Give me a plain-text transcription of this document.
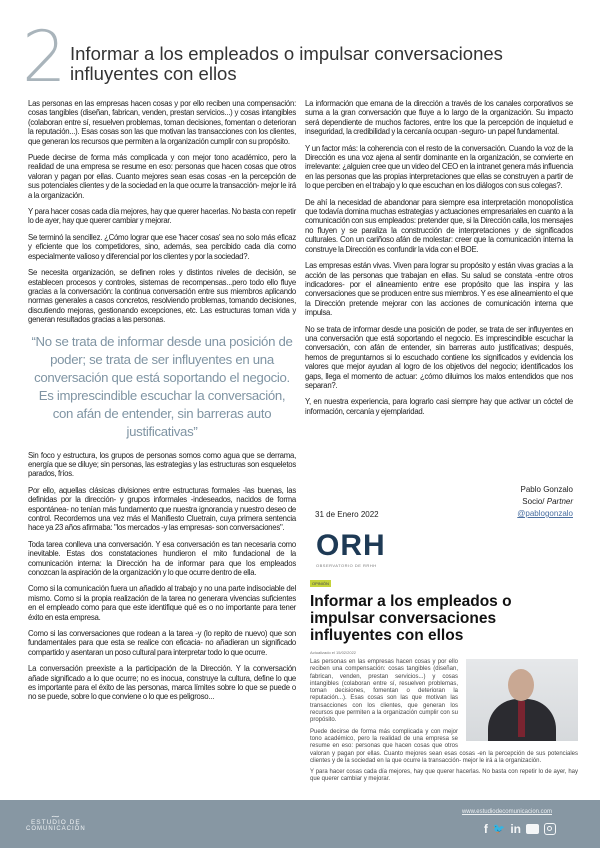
2 Informar a los empleados o impulsar conversaciones influyentes con ellos

Las personas en las empresas hacen cosas y por ello reciben una compensación: cosas tangibles (diseñan, fabrican, venden, prestan servicios...) y cosas intangibles (colaboran entre sí, resuelven problemas, toman decisiones, fomentan o deterioran la reputación...). Esas cosas son las que motivan las transacciones con los clientes, que generan los recursos que permiten a la organización cumplir con su propósito.

Puede decirse de forma más complicada y con mejor tono académico, pero la realidad de una empresa se resume en eso: personas que hacen cosas que otros valoran y pagan por ellas. Cuanto mejores sean esas cosas -en la percepción de sus potenciales clientes y de la sociedad en la que ocurre la transacción- mejor le irá a la organización.

Y para hacer cosas cada día mejores, hay que querer hacerlas. No basta con repetir lo de ayer, hay que querer cambiar y mejorar.

Se terminó la sencillez. ¿Cómo lograr que ese 'hacer cosas' sea no solo más eficaz y eficiente que los competidores, sino, además, sea percibido cada día como especialmente valioso y diferencial por los clientes y por la sociedad?.

Se necesita organización, se definen roles y distintos niveles de decisión, se establecen procesos y controles, sistemas de recompensas...pero todo ello fluye gracias a la conversación: la continua conversación entre sus miembros aplicando normas generales a casos concretos, resolviendo problemas, tomando decisiones, discutiendo mejoras, gestionando excepciones, etc. Las estructuras toman vida y generan resultados gracias a las personas.

“No se trata de informar desde una posición de poder; se trata de ser influyentes en una conversación que está soportando el negocio. Es imprescindible escuchar la conversación, con afán de entender, sin barreras auto justificativas”

Sin foco y estructura, los grupos de personas somos como agua que se derrama, energía que se diluye; sin personas, las estrategias y las estructuras son esqueletos parados, fríos.

Por ello, aquellas clásicas divisiones entre estructuras formales -las buenas, las definidas por la dirección- y grupos informales -indeseados, nacidos de forma espontánea- no tenían más fundamento que nuestra ignorancia y nuestro deseo de control. Recordemos una vez más el Manifiesto Cluetrain, cuya primera sentencia hace ya 23 años afirmaba: "los mercados -y las empresas- son conversaciones".

Toda tarea conlleva una conversación. Y esa conversación es tan necesaria como inevitable. Estas dos constataciones hundieron el mito fundacional de la comunicación interna: la Dirección ha de informar para que los empleados conozcan la aspiración de la organización y lo que ocurre dentro de ella.

Como si la comunicación fuera un añadido al trabajo y no una parte indisociable del mismo. Como si la propia realización de la tarea no generara vivencias suficientes en el empleado como para que este identifique qué es o no importante para tener éxito en esta empresa.

Como si las conversaciones que rodean a la tarea -y (lo repito de nuevo) que son fundamentales para que esta se realice con eficacia- no añadieran un significado compartido y asentaran un poso cultural para interpretar todo lo que ocurre.

La conversación preexiste a la participación de la Dirección. Y la conversación añade significado a lo que ocurre; no es inocua, construye la cultura, define lo que es importante para el éxito de las personas, marca límites sobre lo que se puede o no se puede, sobre lo que conviene o lo que es peligroso...

La información que emana de la dirección a través de los canales corporativos se suma a la gran conversación que fluye a lo largo de la organización. Su impacto será dependiente de muchos factores, entre los que la percepción de inquietud e inseguridad, la credibilidad y la cercanía ocupan -seguro- un papel fundamental.

Y un factor más: la coherencia con el resto de la conversación. Cuando la voz de la Dirección es una voz ajena al sentir dominante en la organización, se convierte en irrelevante: ¿alguien cree que un video del CEO en la intranet genera más influencia en las personas que las propias interpretaciones que ellas se construyen a partir de lo que perciben en el trabajo y lo que escuchan en los diálogos con sus colegas?.

De ahí la necesidad de abandonar para siempre esa interpretación monopolística que todavía domina muchas estrategias y actuaciones empresariales en cuanto a la comunicación con sus empleados: pretender que, si la Dirección calla, los mensajes no fluyen y se paraliza la construcción de interpretaciones y de significados culturales. Con un cariñoso afán de molestar: creer que la comunicación interna la construye la Dirección es confundir la vida con el BOE.

Las empresas están vivas. Viven para lograr su propósito y están vivas gracias a la acción de las personas que trabajan en ellas. Su salud se constata -entre otros indicadores- por el alineamiento entre ese propósito que las inspira y las conversaciones que se producen entre sus miembros. Y es ese alineamiento el que la Dirección pretende mejorar con las acciones de comunicación interna que impulsa.

No se trata de informar desde una posición de poder, se trata de ser influyentes en una conversación que está soportando el negocio. Es imprescindible escuchar la conversación, con afán de entender, sin barreras auto justificativas; después, hemos de preguntarnos si lo escuchado contiene los significados y evidencia los valores que mejor ayudan al logro de los objetivos del negocio; identificados los gaps, llega el momento de actuar: ¿cómo diluimos los malos entendidos que nos separan?.

Y, en nuestra experiencia, para lograrlo casi siempre hay que activar un cóctel de información, cercanía y ejemplaridad.

Pablo Gonzalo
Socio/ Partner
@pablogonzalo
31 de Enero 2022
ORH
OBSERVATORIO DE RRHH
OPINIÓN
Informar a los empleados o impulsar conversaciones influyentes con ellos
Actualizado el 15/02/2022

Las personas en las empresas hacen cosas y por ello reciben una compensación: cosas tangibles (diseñan, fabrican, venden, prestan servicios...) y cosas intangibles (colaboran entre sí, resuelven problemas, toman decisiones, fomentan o deterioran la reputación...). Esas cosas son las que motivan las transacciones con los clientes, que generan los recursos que permiten a la organización cumplir con su propósito.

Puede decirse de forma más complicada y con mejor tono académico, pero la realidad de una empresa se resume en eso: personas que hacen cosas que otros valoran y pagan por ellas. Cuanto mejores sean esas cosas -en la percepción de sus potenciales clientes y de la sociedad en la que ocurre la transacción- mejor le irá a la organización.

Y para hacer cosas cada día mejores, hay que querer hacerlas. No basta con repetir lo de ayer, hay que querer cambiar y mejorar.

⁓
ESTUDIO DE
COMUNICACIÓN
www.estudiodecomunicacion.com
f 🐦 in
